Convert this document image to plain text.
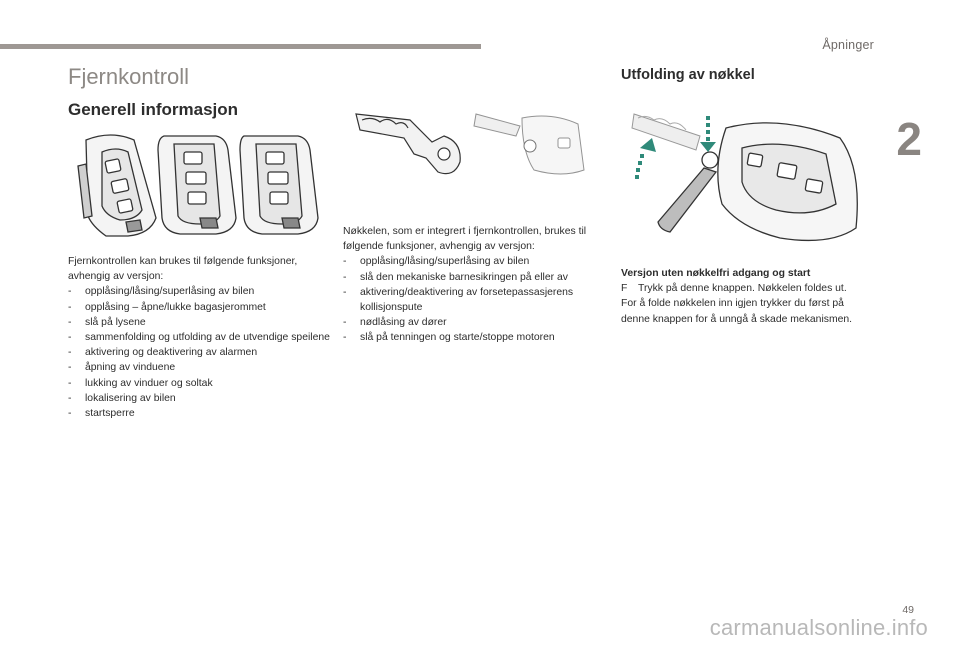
Åpninger
2
Fjernkontroll
Generell informasjon
Utfolding av nøkkel

Fjernkontrollen kan brukes til følgende funksjoner, avhengig av versjon:

- opplåsing/låsing/superlåsing av bilen
- opplåsing – åpne/lukke bagasjerommet
- slå på lysene
- sammenfolding og utfolding av de utvendige speilene
- aktivering og deaktivering av alarmen
- åpning av vinduene
- lukking av vinduer og soltak
- lokalisering av bilen
- startsperre

Nøkkelen, som er integrert i fjernkontrollen, brukes til følgende funksjoner, avhengig av versjon:

- opplåsing/låsing/superlåsing av bilen
- slå den mekaniske barnesikringen på eller av
- aktivering/deaktivering av forsetepassasjerens kollisjonspute
- nødlåsing av dører
- slå på tenningen og starte/stoppe motoren

Versjon uten nøkkelfri adgang og start

F Trykk på denne knappen. Nøkkelen foldes ut.

For å folde nøkkelen inn igjen trykker du først på denne knappen for å unngå å skade mekanismen.

49
carmanualsonline.info
